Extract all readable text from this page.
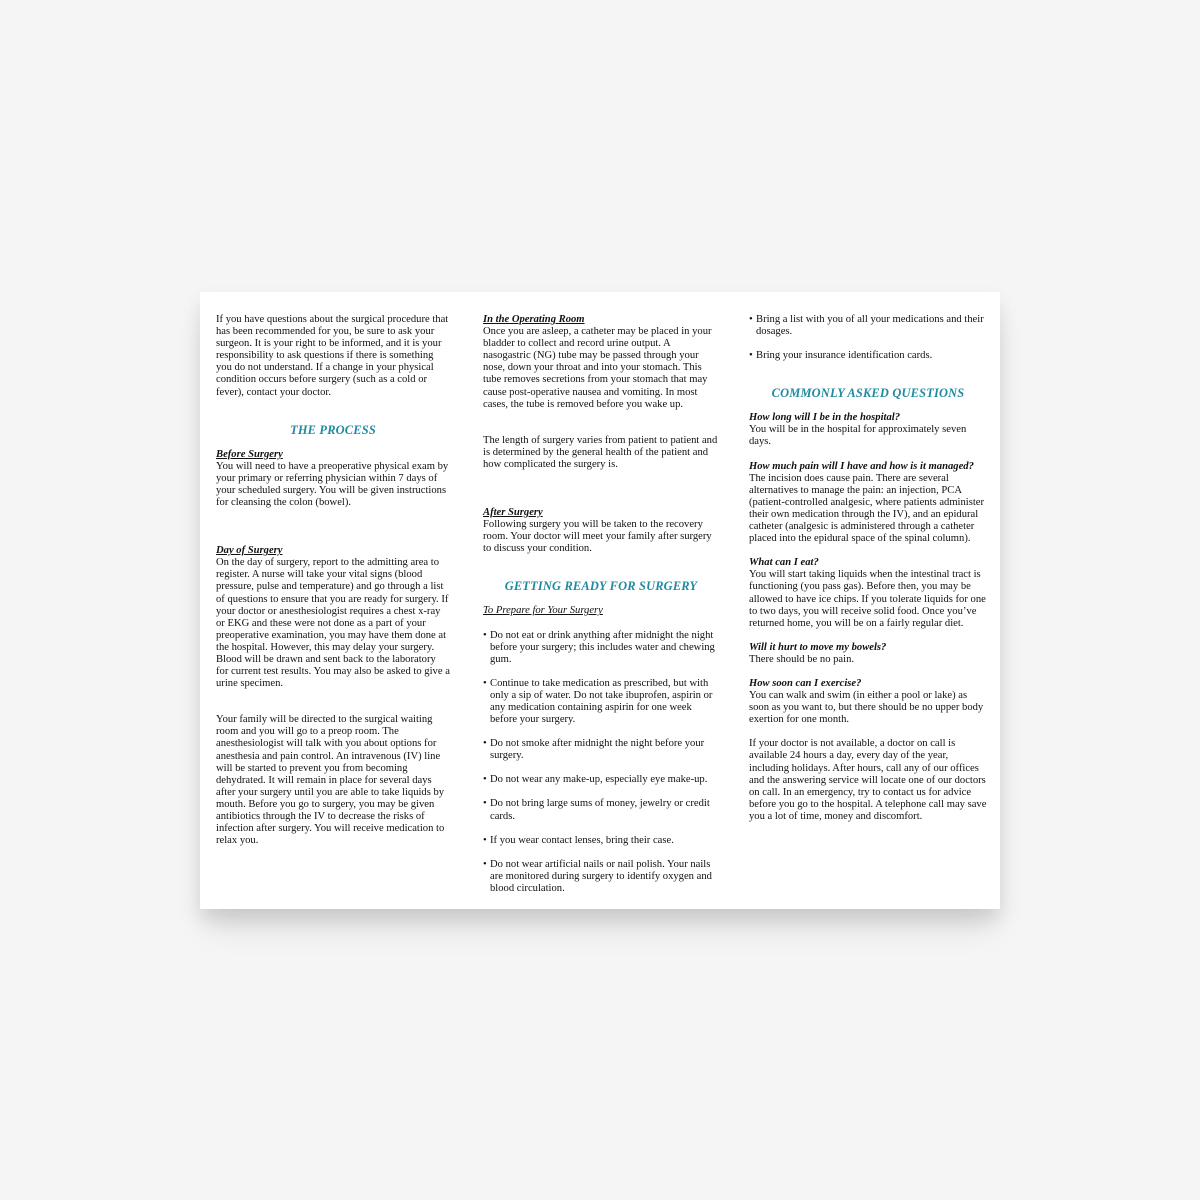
If you have questions about the surgical procedure that has been recommended for you, be sure to ask your surgeon. It is your right to be informed, and it is your responsibility to ask questions if there is something you do not understand. If a change in your physical condition occurs before surgery (such as a cold or fever), contact your doctor.

THE PROCESS
Before Surgery

You will need to have a preoperative physical exam by your primary or referring physician within 7 days of your scheduled surgery. You will be given instructions for cleansing the colon (bowel).

Day of Surgery

On the day of surgery, report to the admitting area to register. A nurse will take your vital signs (blood pressure, pulse and temperature) and go through a list of questions to ensure that you are ready for surgery. If your doctor or anesthesiologist requires a chest x-ray or EKG and these were not done as a part of your preoperative examination, you may have them done at the hospital. However, this may delay your surgery. Blood will be drawn and sent back to the laboratory for current test results. You may also be asked to give a urine specimen.

Your family will be directed to the surgical waiting room and you will go to a preop room. The anesthesiologist will talk with you about options for anesthesia and pain control. An intravenous (IV) line will be started to prevent you from becoming dehydrated. It will remain in place for several days after your surgery until you are able to take liquids by mouth. Before you go to surgery, you may be given antibiotics through the IV to decrease the risks of infection after surgery. You will receive medication to relax you.

In the Operating Room

Once you are asleep, a catheter may be placed in your bladder to collect and record urine output. A nasogastric (NG) tube may be passed through your nose, down your throat and into your stomach. This tube removes secretions from your stomach that may cause post-operative nausea and vomiting. In most cases, the tube is removed before you wake up.

The length of surgery varies from patient to patient and is determined by the general health of the patient and how complicated the surgery is.

After Surgery

Following surgery you will be taken to the recovery room. Your doctor will meet your family after surgery to discuss your condition.

GETTING READY FOR SURGERY
To Prepare for Your Surgery
• Do not eat or drink anything after midnight the night before your surgery; this includes water and chewing gum.
• Continue to take medication as prescribed, but with only a sip of water. Do not take ibuprofen, aspirin or any medication containing aspirin for one week before your surgery.
• Do not smoke after midnight the night before your surgery.
• Do not wear any make-up, especially eye make-up.
• Do not bring large sums of money, jewelry or credit cards.
• If you wear contact lenses, bring their case.
• Do not wear artificial nails or nail polish. Your nails are monitored during surgery to identify oxygen and blood circulation.
• Bring a list with you of all your medications and their dosages.
• Bring your insurance identification cards.
COMMONLY ASKED QUESTIONS
How long will I be in the hospital?

You will be in the hospital for approximately seven days.

How much pain will I have and how is it managed?

The incision does cause pain. There are several alternatives to manage the pain: an injection, PCA (patient-controlled analgesic, where patients administer their own medication through the IV), and an epidural catheter (analgesic is administered through a catheter placed into the epidural space of the spinal column).

What can I eat?

You will start taking liquids when the intestinal tract is functioning (you pass gas). Before then, you may be allowed to have ice chips. If you tolerate liquids for one to two days, you will receive solid food. Once you’ve returned home, you will be on a fairly regular diet.

Will it hurt to move my bowels?

There should be no pain.

How soon can I exercise?

You can walk and swim (in either a pool or lake) as soon as you want to, but there should be no upper body exertion for one month.

If your doctor is not available, a doctor on call is available 24 hours a day, every day of the year, including holidays. After hours, call any of our offices and the answering service will locate one of our doctors on call. In an emergency, try to contact us for advice before you go to the hospital. A telephone call may save you a lot of time, money and discomfort.
